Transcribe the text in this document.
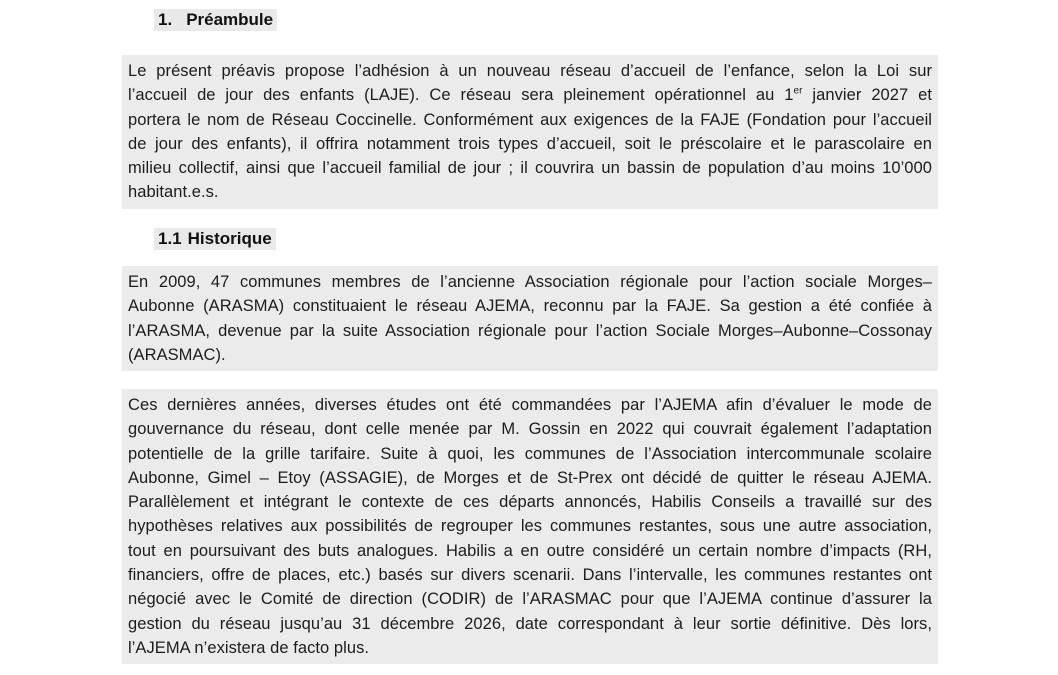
1. Préambule
Le présent préavis propose l’adhésion à un nouveau réseau d’accueil de l’enfance, selon la Loi sur
l’accueil de jour des enfants (LAJE). Ce réseau sera pleinement opérationnel au 1er janvier 2027 et
portera le nom de Réseau Coccinelle. Conformément aux exigences de la FAJE (Fondation pour l’accueil
de jour des enfants), il offrira notamment trois types d’accueil, soit le préscolaire et le parascolaire en
milieu collectif, ainsi que l’accueil familial de jour ; il couvrira un bassin de population d’au moins 10’000
habitant.e.s.
1.1 Historique
En 2009, 47 communes membres de l’ancienne Association régionale pour l’action sociale Morges–
Aubonne (ARASMA) constituaient le réseau AJEMA, reconnu par la FAJE. Sa gestion a été confiée à
l’ARASMA, devenue par la suite Association régionale pour l’action Sociale Morges–Aubonne–Cossonay
(ARASMAC).
Ces dernières années, diverses études ont été commandées par l’AJEMA afin d’évaluer le mode de
gouvernance du réseau, dont celle menée par M. Gossin en 2022 qui couvrait également l’adaptation
potentielle de la grille tarifaire. Suite à quoi, les communes de l’Association intercommunale scolaire
Aubonne, Gimel – Etoy (ASSAGIE), de Morges et de St-Prex ont décidé de quitter le réseau AJEMA.
Parallèlement et intégrant le contexte de ces départs annoncés, Habilis Conseils a travaillé sur des
hypothèses relatives aux possibilités de regrouper les communes restantes, sous une autre association,
tout en poursuivant des buts analogues. Habilis a en outre considéré un certain nombre d’impacts (RH,
financiers, offre de places, etc.) basés sur divers scenarii. Dans l’intervalle, les communes restantes ont
négocié avec le Comité de direction (CODIR) de l’ARASMAC pour que l’AJEMA continue d’assurer la
gestion du réseau jusqu’au 31 décembre 2026, date correspondant à leur sortie définitive. Dès lors,
l’AJEMA n’existera de facto plus.
